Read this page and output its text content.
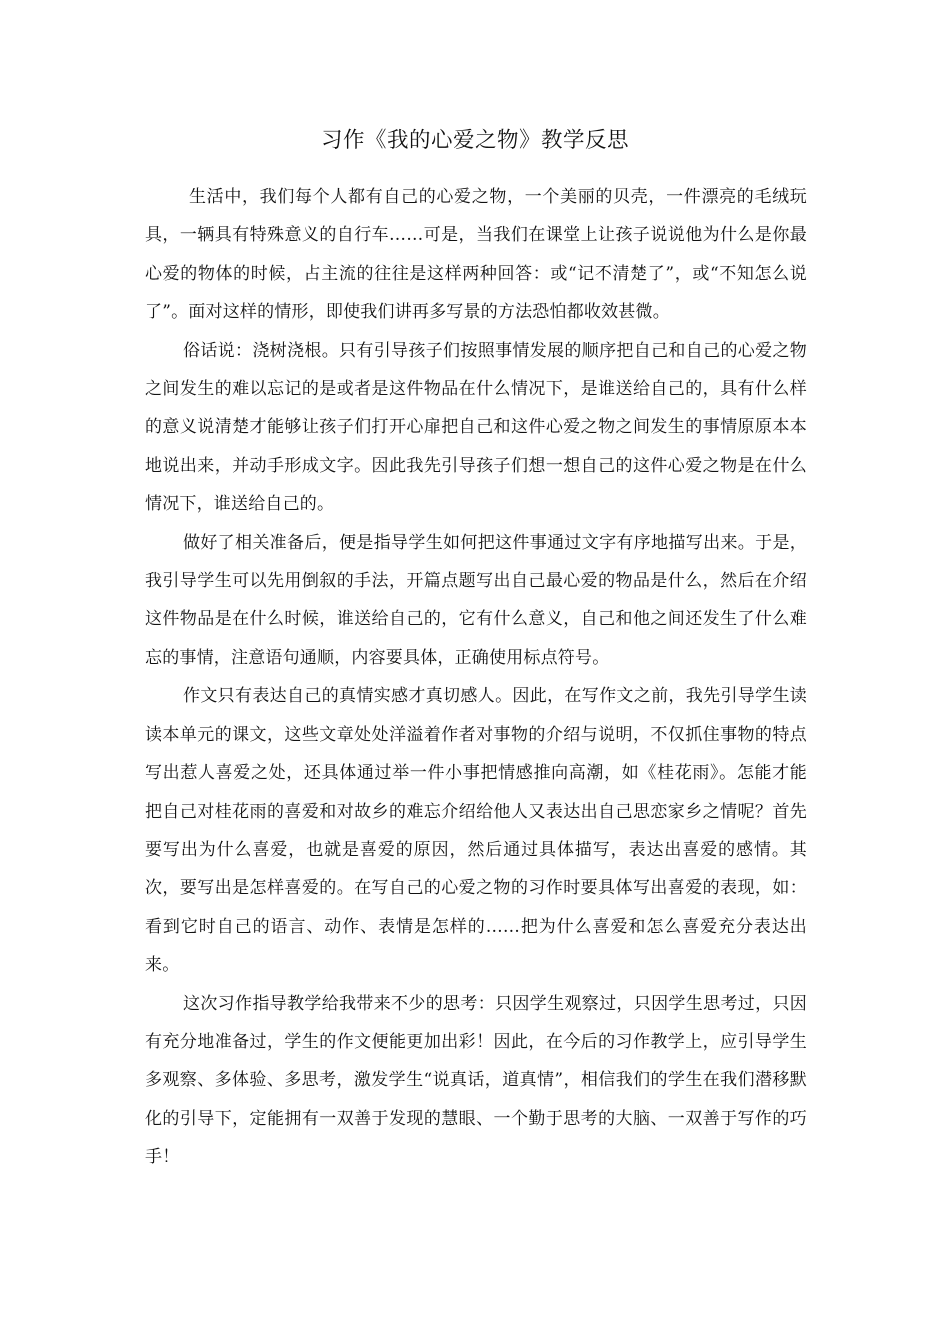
习作《我的心爱之物》教学反思

生活中，我们每个人都有自己的心爱之物，一个美丽的贝壳，一件漂亮的毛绒玩具，一辆具有特殊意义的自行车……可是，当我们在课堂上让孩子说说他为什么是你最心爱的物体的时候，占主流的往往是这样两种回答：或“记不清楚了”，或“不知怎么说了”。面对这样的情形，即使我们讲再多写景的方法恐怕都收效甚微。

俗话说：浇树浇根。只有引导孩子们按照事情发展的顺序把自己和自己的心爱之物之间发生的难以忘记的是或者是这件物品在什么情况下，是谁送给自己的，具有什么样的意义说清楚才能够让孩子们打开心扉把自己和这件心爱之物之间发生的事情原原本本地说出来，并动手形成文字。因此我先引导孩子们想一想自己的这件心爱之物是在什么情况下，谁送给自己的。

做好了相关准备后，便是指导学生如何把这件事通过文字有序地描写出来。于是，我引导学生可以先用倒叙的手法，开篇点题写出自己最心爱的物品是什么，然后在介绍这件物品是在什么时候，谁送给自己的，它有什么意义，自己和他之间还发生了什么难忘的事情，注意语句通顺，内容要具体，正确使用标点符号。

作文只有表达自己的真情实感才真切感人。因此，在写作文之前，我先引导学生读读本单元的课文，这些文章处处洋溢着作者对事物的介绍与说明，不仅抓住事物的特点写出惹人喜爱之处，还具体通过举一件小事把情感推向高潮，如《桂花雨》。怎能才能把自己对桂花雨的喜爱和对故乡的难忘介绍给他人又表达出自己思恋家乡之情呢？首先要写出为什么喜爱，也就是喜爱的原因，然后通过具体描写，表达出喜爱的感情。其次，要写出是怎样喜爱的。在写自己的心爱之物的习作时要具体写出喜爱的表现，如：看到它时自己的语言、动作、表情是怎样的……把为什么喜爱和怎么喜爱充分表达出来。

这次习作指导教学给我带来不少的思考：只因学生观察过，只因学生思考过，只因有充分地准备过，学生的作文便能更加出彩！因此，在今后的习作教学上，应引导学生多观察、多体验、多思考，激发学生“说真话，道真情”，相信我们的学生在我们潜移默化的引导下，定能拥有一双善于发现的慧眼、一个勤于思考的大脑、一双善于写作的巧手！
